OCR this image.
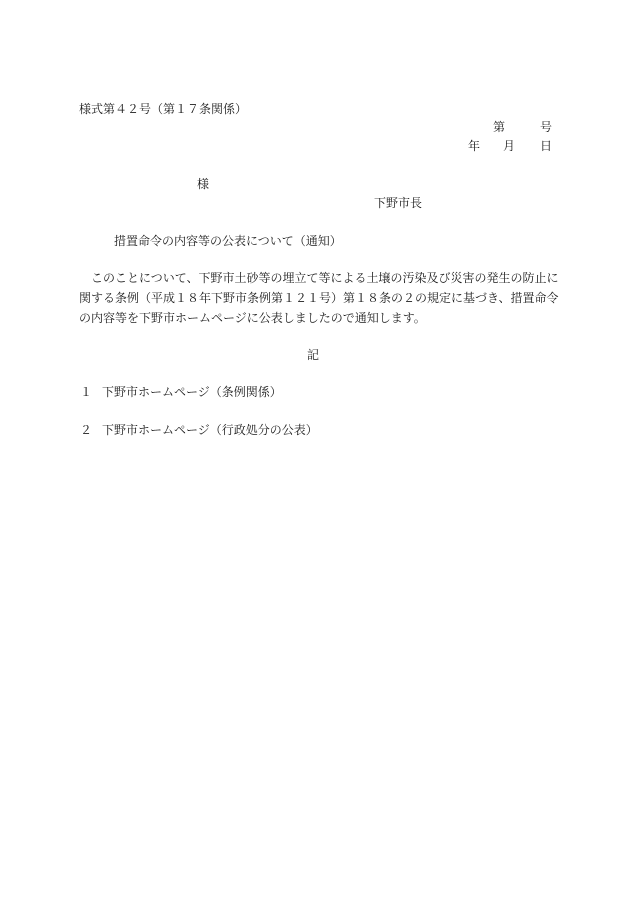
様式第４２号（第１７条関係）
第	号
年 月 日
様
下野市長
措置命令の内容等の公表について（通知）
このことについて、下野市土砂等の埋立て等による土壌の汚染及び災害の発生の防止に
関する条例（平成１８年下野市条例第１２１号）第１８条の２の規定に基づき、措置命令
の内容等を下野市ホームページに公表しましたので通知します。
記
１ 下野市ホームページ（条例関係）
２ 下野市ホームページ（行政処分の公表）
